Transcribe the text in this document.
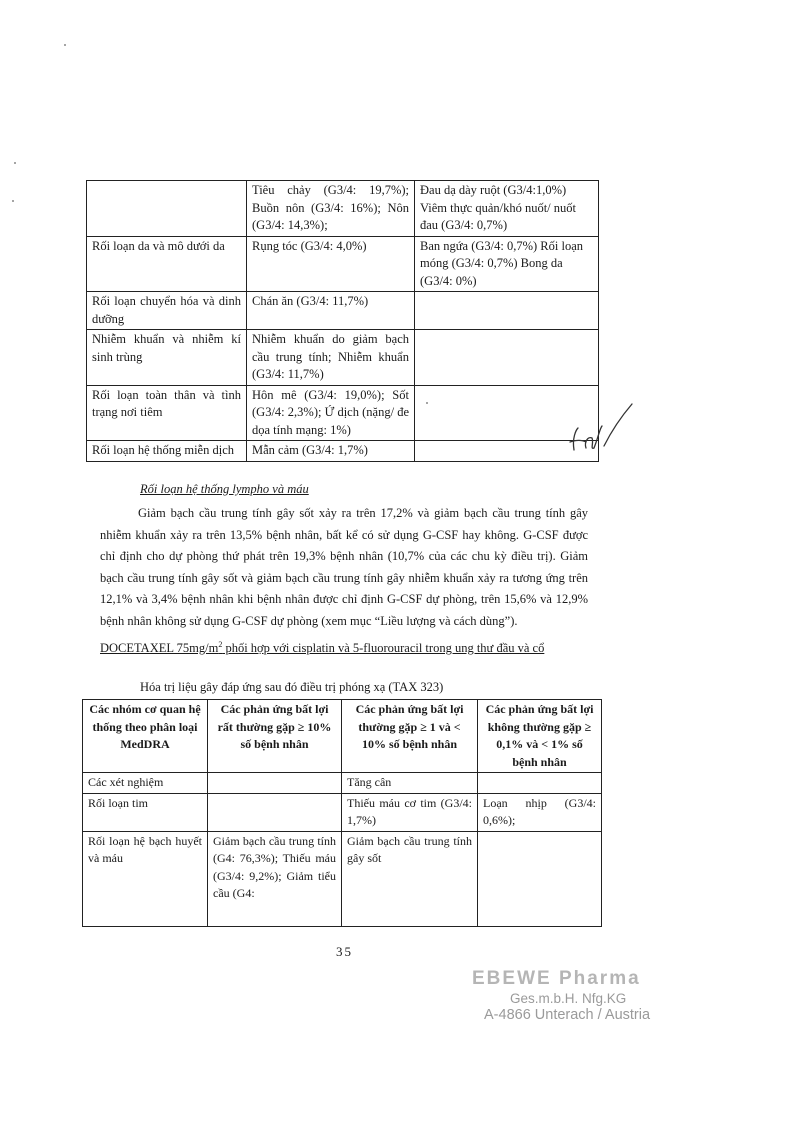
	Tiêu chảy (G3/4: 19,7%); Buồn nôn (G3/4: 16%); Nôn (G3/4: 14,3%);	Đau dạ dày ruột (G3/4:1,0%) Viêm thực quản/khó nuốt/ nuốt đau (G3/4: 0,7%)
Rối loạn da và mô dưới da	Rụng tóc (G3/4: 4,0%)	Ban ngứa (G3/4: 0,7%) Rối loạn móng (G3/4: 0,7%) Bong da (G3/4: 0%)
Rối loạn chuyển hóa và dinh dưỡng	Chán ăn (G3/4: 11,7%)	
Nhiễm khuẩn và nhiễm kí sinh trùng	Nhiễm khuẩn do giảm bạch cầu trung tính; Nhiễm khuẩn (G3/4: 11,7%)	
Rối loạn toàn thân và tình trạng nơi tiêm	Hôn mê (G3/4: 19,0%); Sốt (G3/4: 2,3%); Ứ dịch (nặng/ đe dọa tính mạng: 1%)	
Rối loạn hệ thống miễn dịch	Mẫn cảm (G3/4: 1,7%)	
Rối loạn hệ thống lympho và máu
Giảm bạch cầu trung tính gây sốt xảy ra trên 17,2% và giảm bạch cầu trung tính gây nhiễm khuẩn xảy ra trên 13,5% bệnh nhân, bất kể có sử dụng G-CSF hay không. G-CSF được chỉ định cho dự phòng thứ phát trên 19,3% bệnh nhân (10,7% của các chu kỳ điều trị). Giảm bạch cầu trung tính gây sốt và giảm bạch cầu trung tính gây nhiễm khuẩn xảy ra tương ứng trên 12,1% và 3,4% bệnh nhân khi bệnh nhân được chỉ định G-CSF dự phòng, trên 15,6% và 12,9% bệnh nhân không sử dụng G-CSF dự phòng (xem mục “Liều lượng và cách dùng”).
DOCETAXEL $75mg/m^2$ phối hợp với cisplatin và 5-fluorouracil trong ung thư đầu và cổ
Hóa trị liệu gây đáp ứng sau đó điều trị phóng xạ (TAX 323)
Các nhóm cơ quan hệ thống theo phân loại MedDRA	Các phản ứng bất lợi rất thường gặp ≥ 10% số bệnh nhân	Các phản ứng bất lợi thường gặp ≥ 1 và < 10% số bệnh nhân	Các phản ứng bất lợi không thường gặp ≥ 0,1% và < 1% số bệnh nhân
Các xét nghiệm		Tăng cân	
Rối loạn tim		Thiếu máu cơ tim (G3/4: 1,7%)	Loạn nhịp (G3/4: 0,6%);
Rối loạn hệ bạch huyết và máu	Giảm bạch cầu trung tính (G4: 76,3%); Thiếu máu (G3/4: 9,2%); Giảm tiểu cầu (G4:	Giảm bạch cầu trung tính gây sốt	
35
EBEWE Pharma
Ges.m.b.H. Nfg.KG
A-4866 Unterach / Austria
